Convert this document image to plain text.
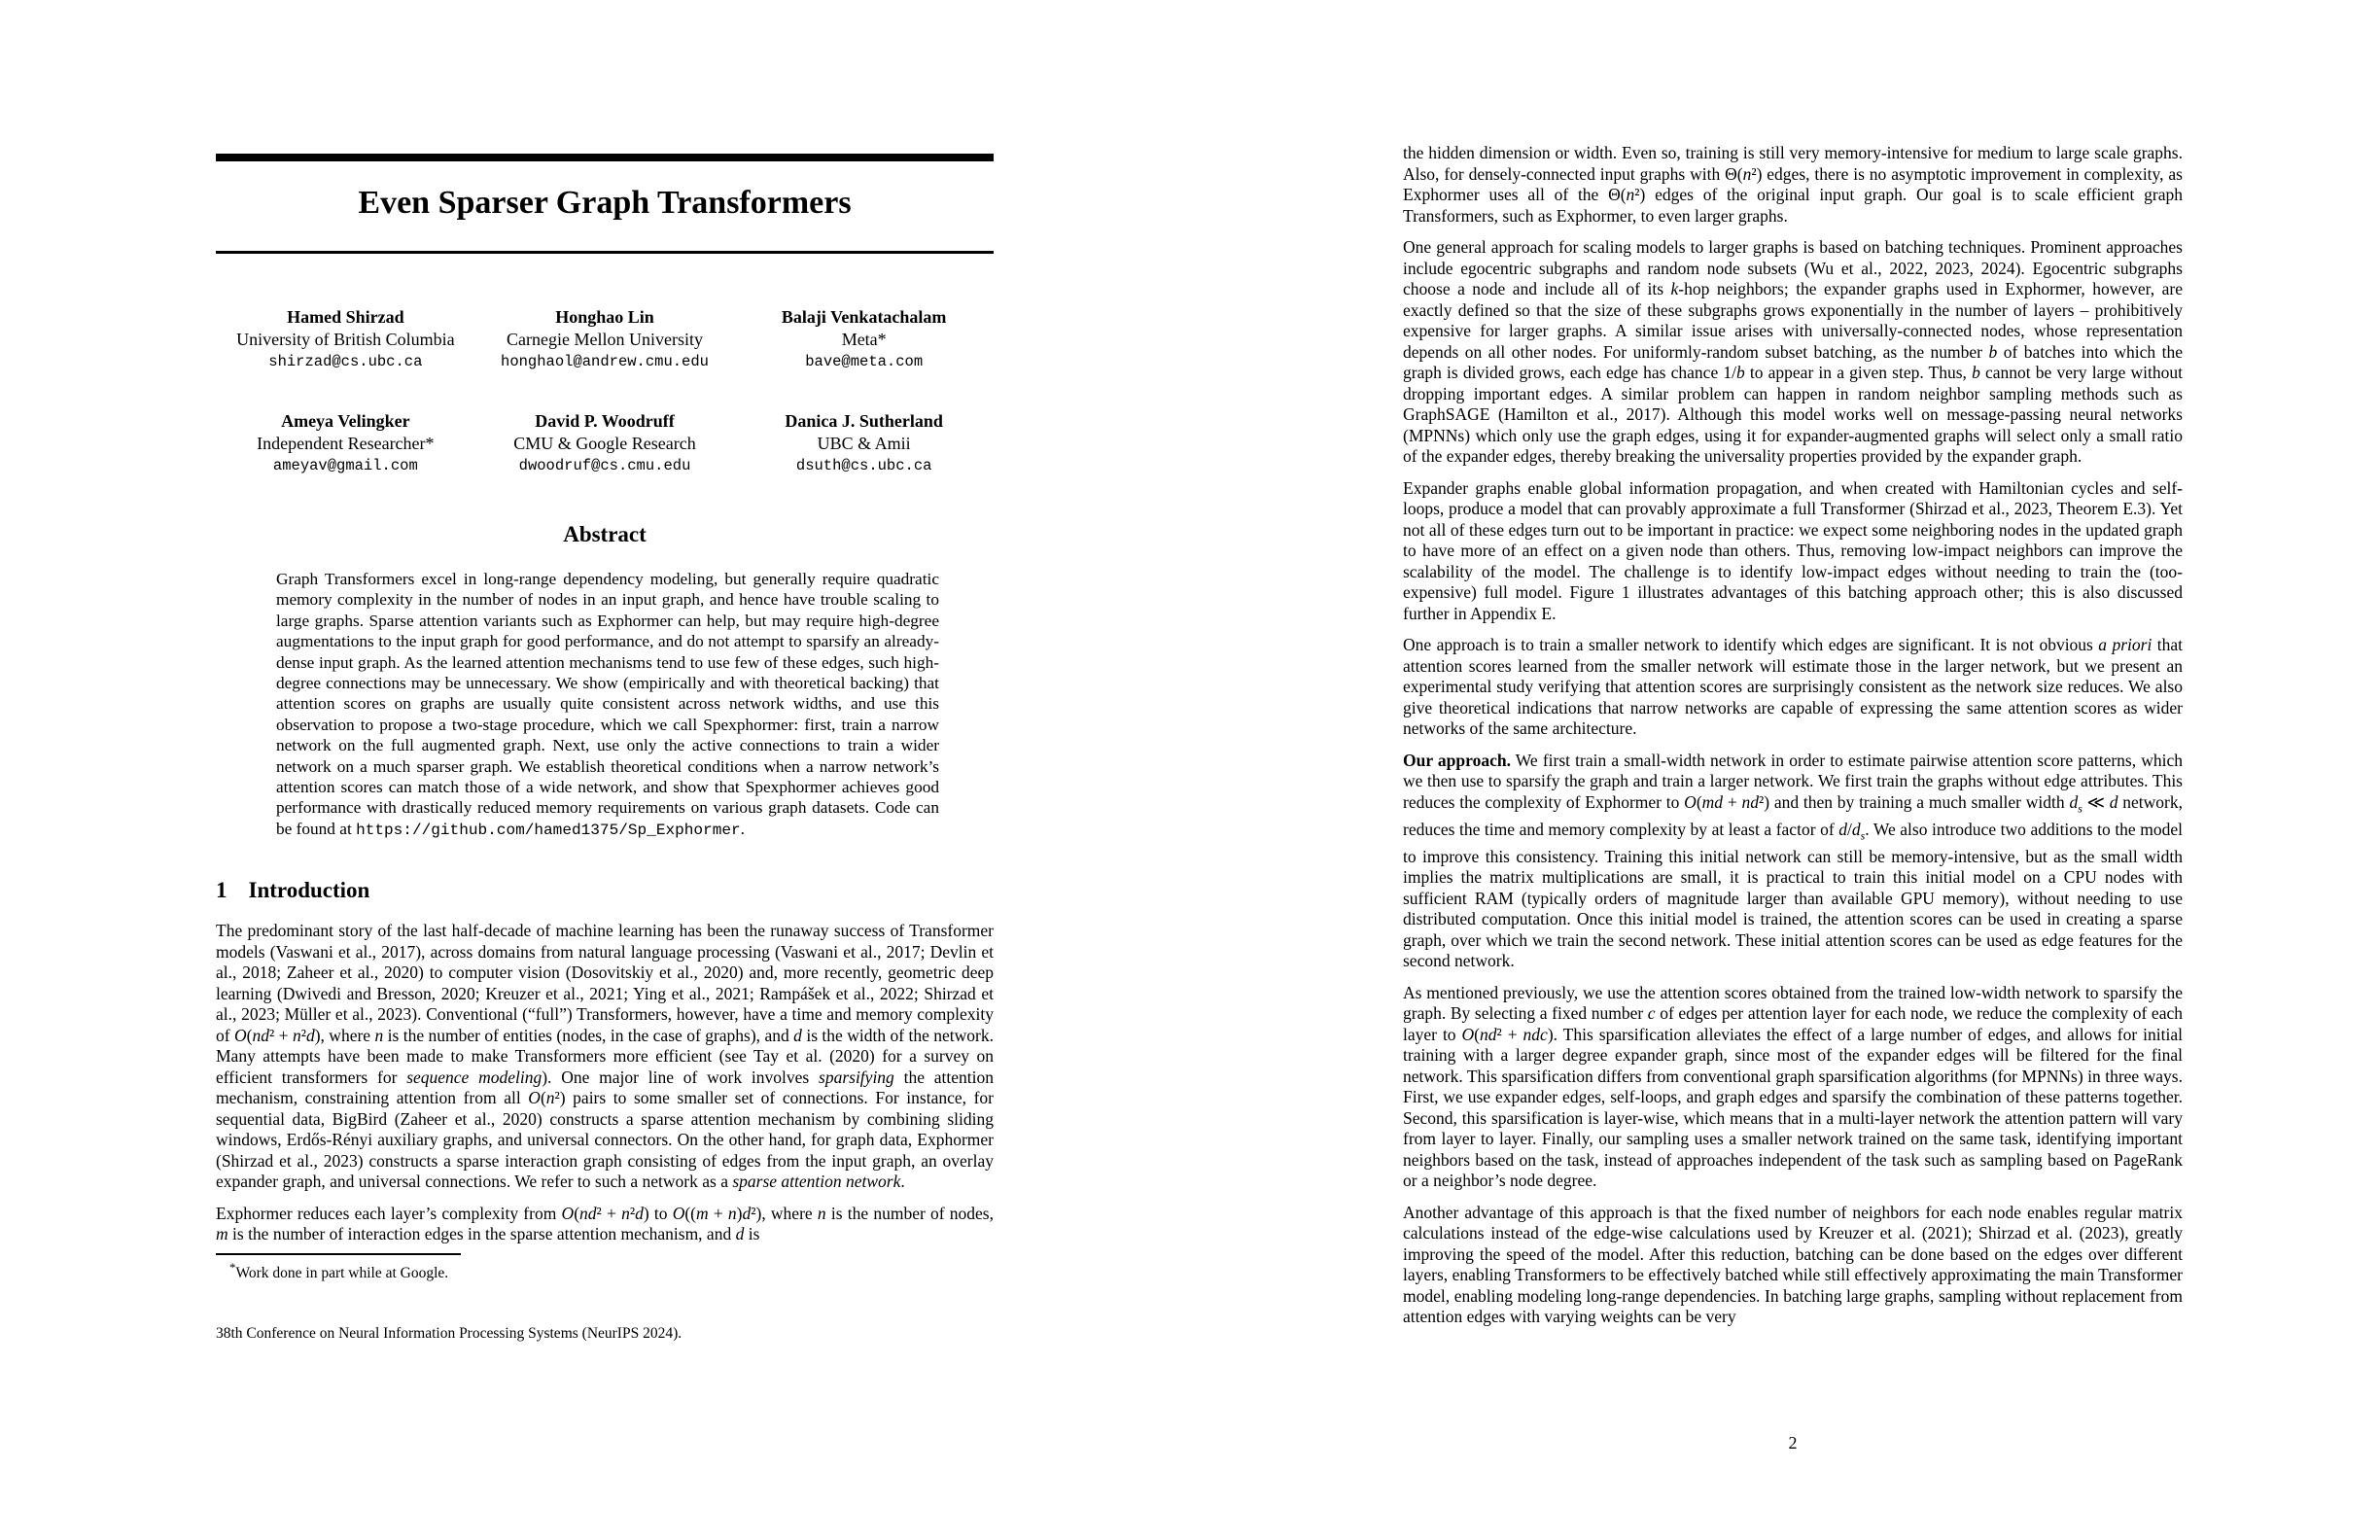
Even Sparser Graph Transformers
Hamed Shirzad
University of British Columbia
shirzad@cs.ubc.ca
Honghao Lin
Carnegie Mellon University
honghaol@andrew.cmu.edu
Balaji Venkatachalam
Meta*
bave@meta.com
Ameya Velingker
Independent Researcher*
ameyav@gmail.com
David P. Woodruff
CMU & Google Research
dwoodruf@cs.cmu.edu
Danica J. Sutherland
UBC & Amii
dsuth@cs.ubc.ca
Abstract

Graph Transformers excel in long-range dependency modeling, but generally require quadratic memory complexity in the number of nodes in an input graph, and hence have trouble scaling to large graphs. Sparse attention variants such as Exphormer can help, but may require high-degree augmentations to the input graph for good performance, and do not attempt to sparsify an already-dense input graph. As the learned attention mechanisms tend to use few of these edges, such high-degree connections may be unnecessary. We show (empirically and with theoretical backing) that attention scores on graphs are usually quite consistent across network widths, and use this observation to propose a two-stage procedure, which we call Spexphormer: first, train a narrow network on the full augmented graph. Next, use only the active connections to train a wider network on a much sparser graph. We establish theoretical conditions when a narrow network’s attention scores can match those of a wide network, and show that Spexphormer achieves good performance with drastically reduced memory requirements on various graph datasets. Code can be found at https://github.com/hamed1375/Sp_Exphormer.

1 Introduction

The predominant story of the last half-decade of machine learning has been the runaway success of Transformer models (Vaswani et al., 2017), across domains from natural language processing (Vaswani et al., 2017; Devlin et al., 2018; Zaheer et al., 2020) to computer vision (Dosovitskiy et al., 2020) and, more recently, geometric deep learning (Dwivedi and Bresson, 2020; Kreuzer et al., 2021; Ying et al., 2021; Rampášek et al., 2022; Shirzad et al., 2023; Müller et al., 2023). Conventional (“full”) Transformers, however, have a time and memory complexity of O(nd² + n²d), where n is the number of entities (nodes, in the case of graphs), and d is the width of the network. Many attempts have been made to make Transformers more efficient (see Tay et al. (2020) for a survey on efficient transformers for sequence modeling). One major line of work involves sparsifying the attention mechanism, constraining attention from all O(n²) pairs to some smaller set of connections. For instance, for sequential data, BigBird (Zaheer et al., 2020) constructs a sparse attention mechanism by combining sliding windows, Erdős-Rényi auxiliary graphs, and universal connectors. On the other hand, for graph data, Exphormer (Shirzad et al., 2023) constructs a sparse interaction graph consisting of edges from the input graph, an overlay expander graph, and universal connections. We refer to such a network as a sparse attention network.

Exphormer reduces each layer’s complexity from O(nd² + n²d) to O((m + n)d²), where n is the number of nodes, m is the number of interaction edges in the sparse attention mechanism, and d is

*Work done in part while at Google.
38th Conference on Neural Information Processing Systems (NeurIPS 2024).

the hidden dimension or width. Even so, training is still very memory-intensive for medium to large scale graphs. Also, for densely-connected input graphs with Θ(n²) edges, there is no asymptotic improvement in complexity, as Exphormer uses all of the Θ(n²) edges of the original input graph. Our goal is to scale efficient graph Transformers, such as Exphormer, to even larger graphs.

One general approach for scaling models to larger graphs is based on batching techniques. Prominent approaches include egocentric subgraphs and random node subsets (Wu et al., 2022, 2023, 2024). Egocentric subgraphs choose a node and include all of its k-hop neighbors; the expander graphs used in Exphormer, however, are exactly defined so that the size of these subgraphs grows exponentially in the number of layers – prohibitively expensive for larger graphs. A similar issue arises with universally-connected nodes, whose representation depends on all other nodes. For uniformly-random subset batching, as the number b of batches into which the graph is divided grows, each edge has chance 1/b to appear in a given step. Thus, b cannot be very large without dropping important edges. A similar problem can happen in random neighbor sampling methods such as GraphSAGE (Hamilton et al., 2017). Although this model works well on message-passing neural networks (MPNNs) which only use the graph edges, using it for expander-augmented graphs will select only a small ratio of the expander edges, thereby breaking the universality properties provided by the expander graph.

Expander graphs enable global information propagation, and when created with Hamiltonian cycles and self-loops, produce a model that can provably approximate a full Transformer (Shirzad et al., 2023, Theorem E.3). Yet not all of these edges turn out to be important in practice: we expect some neighboring nodes in the updated graph to have more of an effect on a given node than others. Thus, removing low-impact neighbors can improve the scalability of the model. The challenge is to identify low-impact edges without needing to train the (too-expensive) full model. Figure 1 illustrates advantages of this batching approach other; this is also discussed further in Appendix E.

One approach is to train a smaller network to identify which edges are significant. It is not obvious a priori that attention scores learned from the smaller network will estimate those in the larger network, but we present an experimental study verifying that attention scores are surprisingly consistent as the network size reduces. We also give theoretical indications that narrow networks are capable of expressing the same attention scores as wider networks of the same architecture.

Our approach. We first train a small-width network in order to estimate pairwise attention score patterns, which we then use to sparsify the graph and train a larger network. We first train the graphs without edge attributes. This reduces the complexity of Exphormer to O(md + nd²) and then by training a much smaller width $d_s$ ≪ d network, reduces the time and memory complexity by at least a factor of $d/d_s$. We also introduce two additions to the model to improve this consistency. Training this initial network can still be memory-intensive, but as the small width implies the matrix multiplications are small, it is practical to train this initial model on a CPU nodes with sufficient RAM (typically orders of magnitude larger than available GPU memory), without needing to use distributed computation. Once this initial model is trained, the attention scores can be used in creating a sparse graph, over which we train the second network. These initial attention scores can be used as edge features for the second network.

As mentioned previously, we use the attention scores obtained from the trained low-width network to sparsify the graph. By selecting a fixed number c of edges per attention layer for each node, we reduce the complexity of each layer to O(nd² + ndc). This sparsification alleviates the effect of a large number of edges, and allows for initial training with a larger degree expander graph, since most of the expander edges will be filtered for the final network. This sparsification differs from conventional graph sparsification algorithms (for MPNNs) in three ways. First, we use expander edges, self-loops, and graph edges and sparsify the combination of these patterns together. Second, this sparsification is layer-wise, which means that in a multi-layer network the attention pattern will vary from layer to layer. Finally, our sampling uses a smaller network trained on the same task, identifying important neighbors based on the task, instead of approaches independent of the task such as sampling based on PageRank or a neighbor’s node degree.

Another advantage of this approach is that the fixed number of neighbors for each node enables regular matrix calculations instead of the edge-wise calculations used by Kreuzer et al. (2021); Shirzad et al. (2023), greatly improving the speed of the model. After this reduction, batching can be done based on the edges over different layers, enabling Transformers to be effectively batched while still effectively approximating the main Transformer model, enabling modeling long-range dependencies. In batching large graphs, sampling without replacement from attention edges with varying weights can be very

2
